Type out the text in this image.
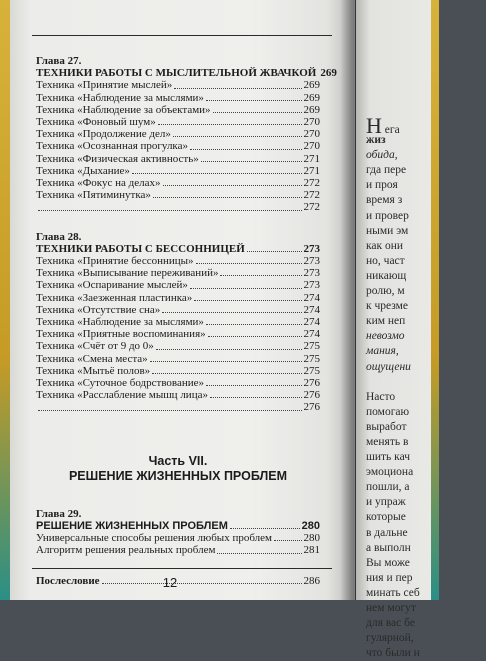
Глава 27.
ТЕХНИКИ РАБОТЫ С МЫСЛИТЕЛЬНОЙ ЖВАЧКОЙ 269
Техника «Принятие мыслей»	269
Техника «Наблюдение за мыслями»	269
Техника «Наблюдение за объектами»	269
Техника «Фоновый шум»	270
Техника «Продолжение дел»	270
Техника «Осознанная прогулка»	270
Техника «Физическая активность»	271
Техника «Дыхание»	271
Техника «Фокус на делах»	272
Техника «Пятиминутка»	272
272
Глава 28.
ТЕХНИКИ РАБОТЫ С БЕССОННИЦЕЙ	273
Техника «Принятие бессонницы»	273
Техника «Выписывание переживаний»	273
Техника «Оспаривание мыслей»	273
Техника «Заезженная пластинка»	274
Техника «Отсутствие сна»	274
Техника «Наблюдение за мыслями»	274
Техника «Приятные воспоминания»	274
Техника «Счёт от 9 до 0»	275
Техника «Смена места»	275
Техника «Мытьё полов»	275
Техника «Суточное бодрствование»	276
Техника «Расслабление мышц лица»	276
276
Часть VII.
РЕШЕНИЕ ЖИЗНЕННЫХ ПРОБЛЕМ
Глава 29.
РЕШЕНИЕ ЖИЗНЕННЫХ ПРОБЛЕМ	280
Универсальные способы решения любых проблем	280
Алгоритм решения реальных проблем	281
Послесловие	286
12
Н ега
жиз
обида,
гда пере
и проя
время з
и провер
ными эм
как они
но, част
никающ
ролю, м
к чрезме
ким неп
невозмо
мания,
ощущени
Насто
помогаю
выработ
менять в
шить кач
эмоциона
пошли, а
и упраж
которые
в дальне
а выполн
Вы може
ния и пер
минать себ
нем могут
для вас бе
гулярной,
что были н
